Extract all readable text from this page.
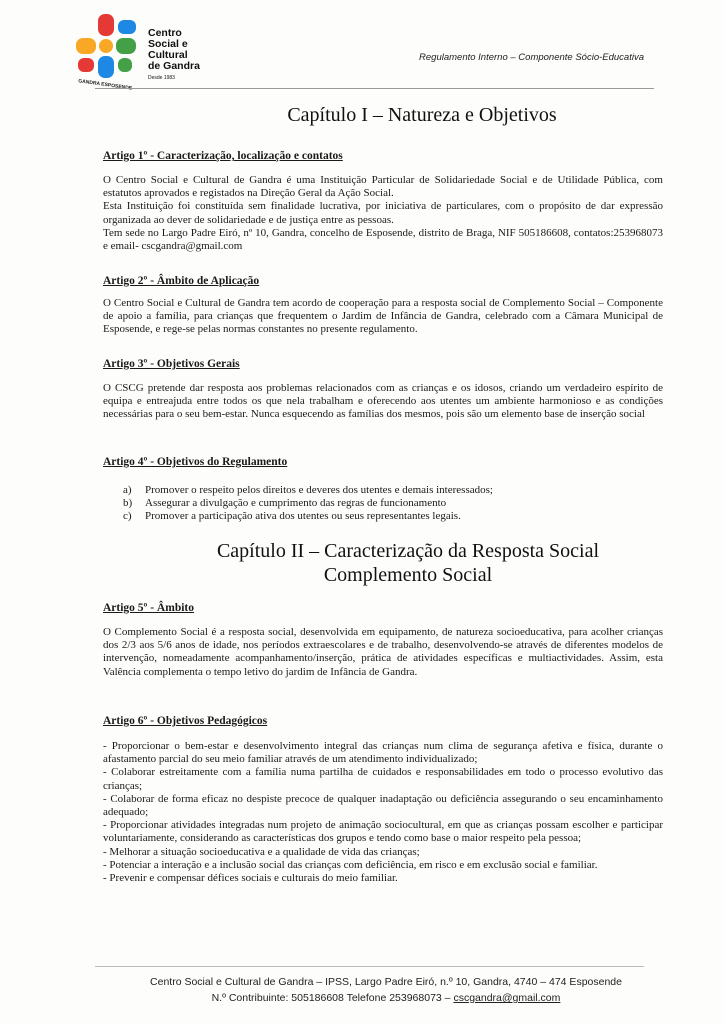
Centro
Social e Cultural
de Gandra
Desde 1983
GANDRA ESPOSENDE
Regulamento Interno – Componente Sócio-Educativa
Capítulo I – Natureza e Objetivos
Artigo 1º - Caracterização, localização e contatos
O Centro Social e Cultural de Gandra é uma Instituição Particular de Solidariedade Social e de Utilidade Pública, com estatutos aprovados e registados na Direção Geral da Ação Social.
Esta Instituição foi constituída sem finalidade lucrativa, por iniciativa de particulares, com o propósito de dar expressão organizada ao dever de solidariedade e de justiça entre as pessoas.
Tem sede no Largo Padre Eiró, nº 10, Gandra, concelho de Esposende, distrito de Braga, NIF 505186608, contatos:253968073 e email- cscgandra@gmail.com
Artigo 2º - Âmbito de Aplicação
O Centro Social e Cultural de Gandra tem acordo de cooperação para a resposta social de Complemento Social – Componente de apoio a família, para crianças que frequentem o Jardim de Infância de Gandra, celebrado com a Câmara Municipal de Esposende, e rege-se pelas normas constantes no presente regulamento.
Artigo 3º - Objetivos Gerais
O CSCG pretende dar resposta aos problemas relacionados com as crianças e os idosos, criando um verdadeiro espírito de equipa e entreajuda entre todos os que nela trabalham e oferecendo aos utentes um ambiente harmonioso e as condições necessárias para o seu bem-estar. Nunca esquecendo as famílias dos mesmos, pois são um elemento base de inserção social
Artigo 4º - Objetivos do Regulamento
a)	Promover o respeito pelos direitos e deveres dos utentes e demais interessados;
b)	Assegurar a divulgação e cumprimento das regras de funcionamento
c)	Promover a participação ativa dos utentes ou seus representantes legais.
Capítulo II – Caracterização da Resposta Social
Complemento Social
Artigo 5º - Âmbito
O Complemento Social é a resposta social, desenvolvida em equipamento, de natureza socioeducativa, para acolher crianças dos 2/3 aos 5/6 anos de idade, nos períodos extraescolares e de trabalho, desenvolvendo-se através de diferentes modelos de intervenção, nomeadamente acompanhamento/inserção, prática de atividades específicas e multiactividades. Assim, esta Valência complementa o tempo letivo do jardim de Infância de Gandra.
Artigo 6º - Objetivos Pedagógicos
- Proporcionar o bem-estar e desenvolvimento integral das crianças num clima de segurança afetiva e física, durante o afastamento parcial do seu meio familiar através de um atendimento individualizado;
- Colaborar estreitamente com a família numa partilha de cuidados e responsabilidades em todo o processo evolutivo das crianças;
- Colaborar de forma eficaz no despiste precoce de qualquer inadaptação ou deficiência assegurando o seu encaminhamento adequado;
- Proporcionar atividades integradas num projeto de animação sociocultural, em que as crianças possam escolher e participar voluntariamente, considerando as características dos grupos e tendo como base o maior respeito pela pessoa;
- Melhorar a situação socioeducativa e a qualidade de vida das crianças;
- Potenciar a interação e a inclusão social das crianças com deficiência, em risco e em exclusão social e familiar.
- Prevenir e compensar défices sociais e culturais do meio familiar.
Centro Social e Cultural de Gandra – IPSS, Largo Padre Eiró, n.º 10, Gandra, 4740 – 474 Esposende
N.º Contribuinte: 505186608 Telefone 253968073 – cscgandra@gmail.com
